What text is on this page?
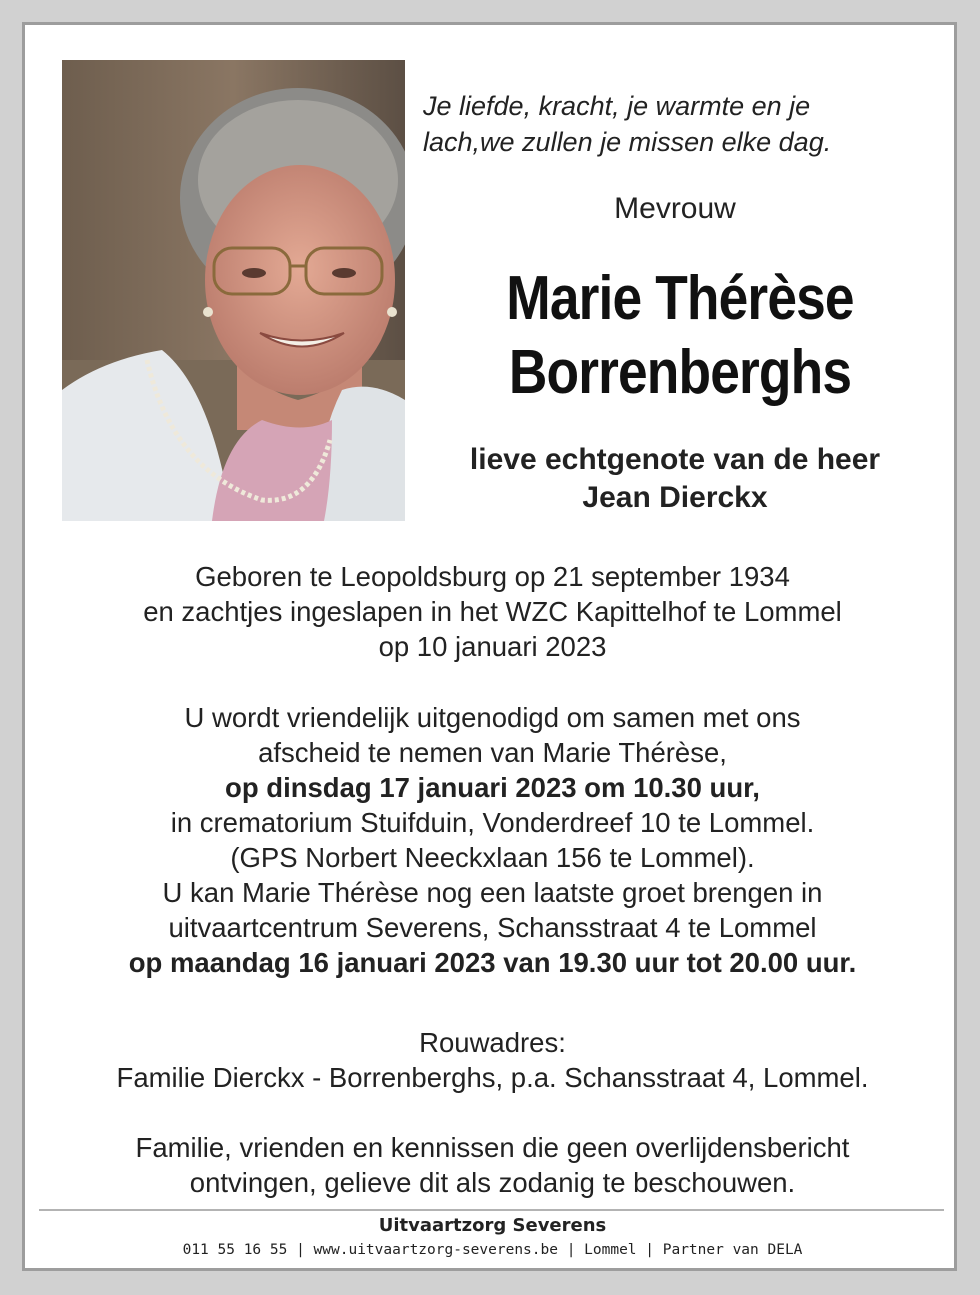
Je liefde, kracht, je warmte en je
lach,we zullen je missen elke dag.
Mevrouw
Marie Thérèse
Borrenberghs
lieve echtgenote van de heer
Jean Dierckx
Geboren te Leopoldsburg op 21 september 1934
en zachtjes ingeslapen in het WZC Kapittelhof te Lommel
op 10 januari 2023
U wordt vriendelijk uitgenodigd om samen met ons
afscheid te nemen van Marie Thérèse,
op dinsdag 17 januari 2023 om 10.30 uur,
in crematorium Stuifduin, Vonderdreef 10 te Lommel.
(GPS Norbert Neeckxlaan 156 te Lommel).
U kan Marie Thérèse nog een laatste groet brengen in
uitvaartcentrum Severens, Schansstraat 4 te Lommel
op maandag 16 januari 2023 van 19.30 uur tot 20.00 uur.
Rouwadres:
Familie Dierckx - Borrenberghs, p.a. Schansstraat 4, Lommel.
Familie, vrienden en kennissen die geen overlijdensbericht
ontvingen, gelieve dit als zodanig te beschouwen.
Uitvaartzorg Severens
011 55 16 55 | www.uitvaartzorg-severens.be | Lommel | Partner van DELA
